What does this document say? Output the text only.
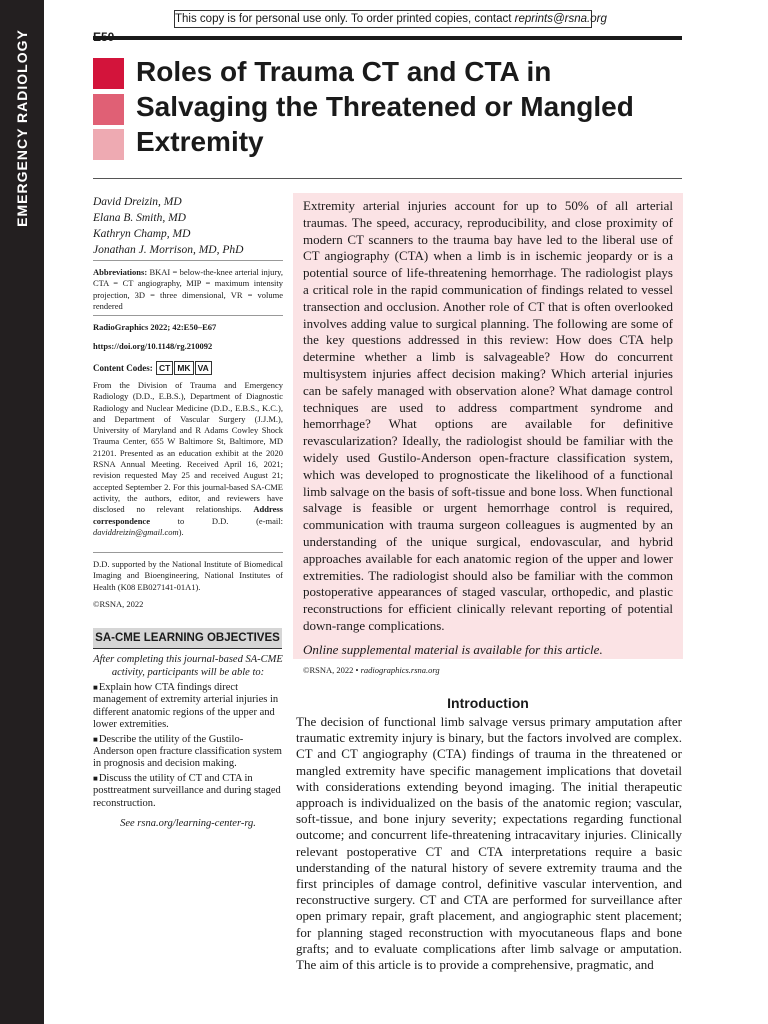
EMERGENCY RADIOLOGY
This copy is for personal use only. To order printed copies, contact reprints@rsna.org
Roles of Trauma CT and CTA in Salvaging the Threatened or Mangled Extremity
David Dreizin, MD
Elana B. Smith, MD
Kathryn Champ, MD
Jonathan J. Morrison, MD, PhD

Abbreviations: BKAI = below-the-knee arterial injury, CTA = CT angiography, MIP = maximum intensity projection, 3D = three dimensional, VR = volume rendered

RadioGraphics 2022; 42:E50–E67

https://doi.org/10.1148/rg.210092

Content Codes: CT MK VA

From the Division of Trauma and Emergency Radiology (D.D., E.B.S.), Department of Diagnostic Radiology and Nuclear Medicine (D.D., E.B.S., K.C.), and Department of Vascular Surgery (J.J.M.), University of Maryland and R Adams Cowley Shock Trauma Center, 655 W Baltimore St, Baltimore, MD 21201. Presented as an education exhibit at the 2020 RSNA Annual Meeting. Received April 16, 2021; revision requested May 25 and received August 21; accepted September 2. For this journal-based SA-CME activity, the authors, editor, and reviewers have disclosed no relevant relationships. Address correspondence to D.D. (e-mail: daviddreizin@gmail.com).

D.D. supported by the National Institute of Biomedical Imaging and Bioengineering, National Institutes of Health (K08 EB027141-01A1).

©RSNA, 2022

SA-CME LEARNING OBJECTIVES
After completing this journal-based SA-CME activity, participants will be able to:
■Explain how CTA findings direct management of extremity arterial injuries in different anatomic regions of the upper and lower extremities.
■Describe the utility of the Gustilo-Anderson open fracture classification system in prognosis and decision making.
■Discuss the utility of CT and CTA in posttreatment surveillance and during staged reconstruction.
See rsna.org/learning-center-rg.

Extremity arterial injuries account for up to 50% of all arterial traumas. The speed, accuracy, reproducibility, and close proximity of modern CT scanners to the trauma bay have led to the liberal use of CT angiography (CTA) when a limb is in ischemic jeopardy or is a potential source of life-threatening hemorrhage. The radiologist plays a critical role in the rapid communication of findings related to vessel transection and occlusion. Another role of CT that is often overlooked involves adding value to surgical planning. The following are some of the key questions addressed in this review: How does CTA help determine whether a limb is salvageable? How do concurrent multisystem injuries affect decision making? Which arterial injuries can be safely managed with observation alone? What damage control techniques are used to address compartment syndrome and hemorrhage? What options are available for definitive revascularization? Ideally, the radiologist should be familiar with the widely used Gustilo-Anderson open-fracture classification system, which was developed to prognosticate the likelihood of a functional limb salvage on the basis of soft-tissue and bone loss. When functional salvage is feasible or urgent hemorrhage control is required, communication with trauma surgeon colleagues is augmented by an understanding of the unique surgical, endovascular, and hybrid approaches available for each anatomic region of the upper and lower extremities. The radiologist should also be familiar with the common postoperative appearances of staged vascular, orthopedic, and plastic reconstructions for efficient clinically relevant reporting of potential down-range complications.

Online supplemental material is available for this article.

©RSNA, 2022 • radiographics.rsna.org

Introduction

The decision of functional limb salvage versus primary amputation after traumatic extremity injury is binary, but the factors involved are complex. CT and CT angiography (CTA) findings of trauma in the threatened or mangled extremity have specific management implications that dovetail with considerations extending beyond imaging. The initial therapeutic approach is individualized on the basis of the anatomic region; vascular, soft-tissue, and bone injury severity; expectations regarding functional outcome; and concurrent life-threatening intracavitary injuries. Clinically relevant postoperative CT and CTA interpretations require a basic understanding of the natural history of severe extremity trauma and the first principles of damage control, definitive vascular intervention, and reconstructive surgery. CT and CTA are performed for surveillance after open primary repair, graft placement, and angiographic stent placement; for planning staged reconstruction with myocutaneous flaps and bone grafts; and to evaluate complications after limb salvage or amputation. The aim of this article is to provide a comprehensive, pragmatic, and
